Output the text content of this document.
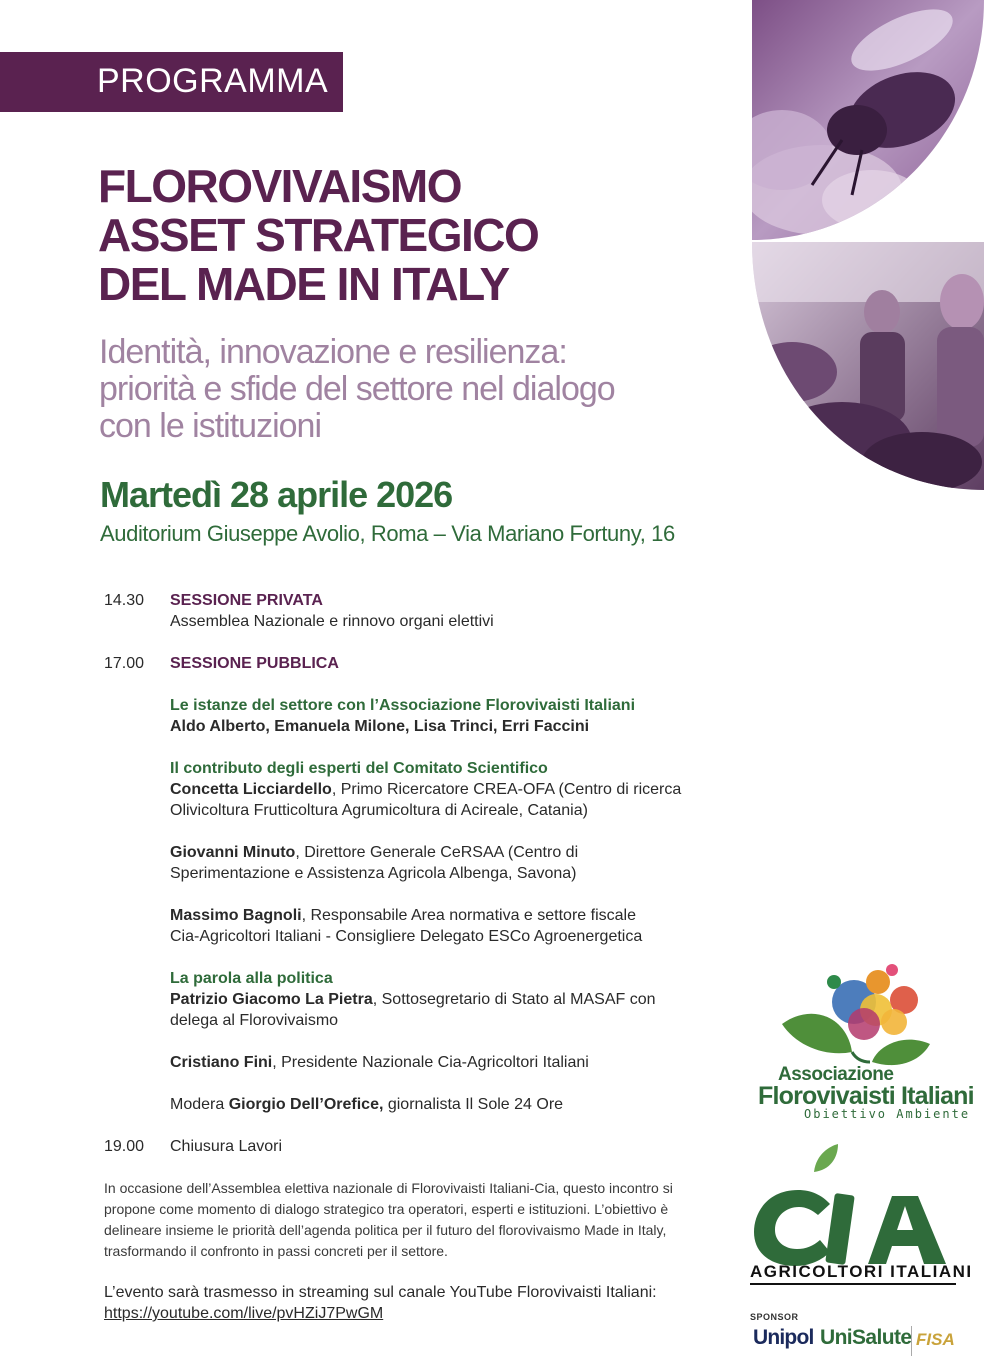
PROGRAMMA
FLOROVIVAISMO
ASSET STRATEGICO
DEL MADE IN ITALY
Identità, innovazione e resilienza:
priorità e sfide del settore nel dialogo
con le istituzioni
Martedì 28 aprile 2026
Auditorium Giuseppe Avolio, Roma – Via Mariano Fortuny, 16
14.30	SESSIONE PRIVATA
Assemblea Nazionale e rinnovo organi elettivi
17.00	SESSIONE PUBBLICA
Le istanze del settore con l’Associazione Florovivaisti Italiani
Aldo Alberto, Emanuela Milone, Lisa Trinci, Erri Faccini
Il contributo degli esperti del Comitato Scientifico
Concetta Licciardello, Primo Ricercatore CREA-OFA (Centro di ricerca
Olivicoltura Frutticoltura Agrumicoltura di Acireale, Catania)
Giovanni Minuto, Direttore Generale CeRSAA (Centro di
Sperimentazione e Assistenza Agricola Albenga, Savona)
Massimo Bagnoli, Responsabile Area normativa e settore fiscale
Cia-Agricoltori Italiani - Consigliere Delegato ESCo Agroenergetica
La parola alla politica
Patrizio Giacomo La Pietra, Sottosegretario di Stato al MASAF con
delega al Florovivaismo
Cristiano Fini, Presidente Nazionale Cia-Agricoltori Italiani
Modera Giorgio Dell’Orefice, giornalista Il Sole 24 Ore
19.00	Chiusura Lavori
In occasione dell’Assemblea elettiva nazionale di Florovivaisti Italiani-Cia, questo incontro si
propone come momento di dialogo strategico tra operatori, esperti e istituzioni. L’obiettivo è
delineare insieme le priorità dell’agenda politica per il futuro del florovivaismo Made in Italy,
trasformando il confronto in passi concreti per il settore.
L’evento sarà trasmesso in streaming sul canale YouTube Florovivaisti Italiani:
https://youtube.com/live/pvHZiJ7PwGM
Associazione
Florovivaisti Italiani
Obiettivo Ambiente
AGRICOLTORI ITALIANI
SPONSOR
Unipol UniSalute FISA
